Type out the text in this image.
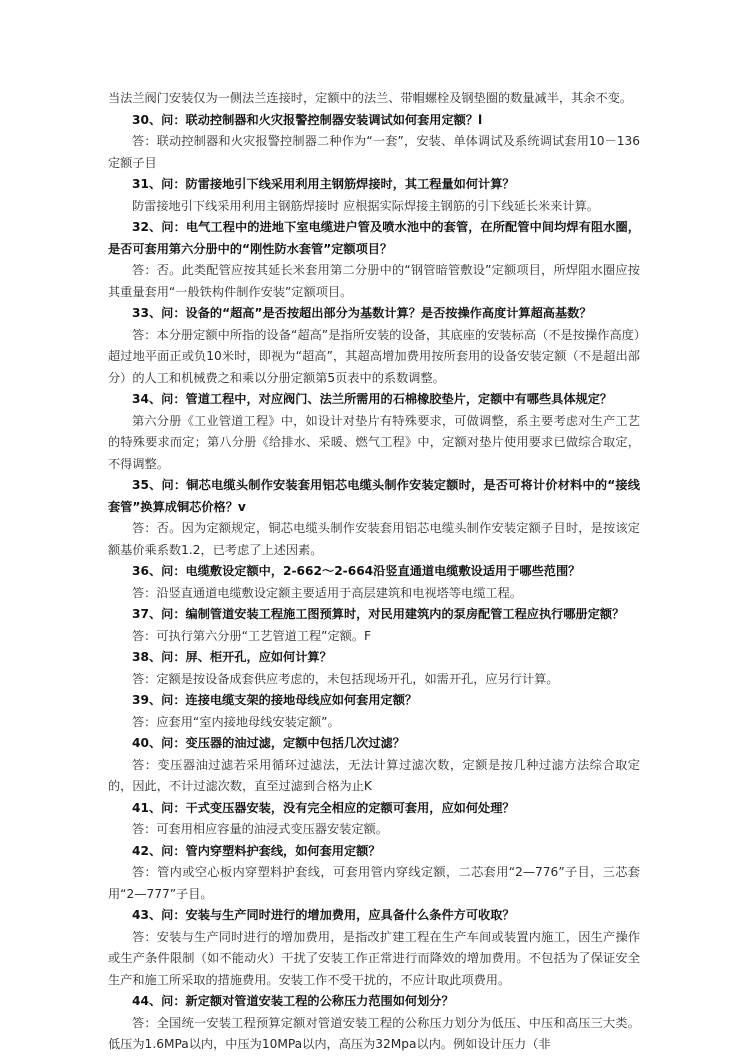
当法兰阀门安装仅为一侧法兰连接时，定额中的法兰、带帽螺栓及钢垫圈的数量减半，其余不变。

30、问：联动控制器和火灾报警控制器安装调试如何套用定额？l

答：联动控制器和火灾报警控制器二种作为“一套”，安装、单体调试及系统调试套用10－136定额子目

31、问：防雷接地引下线采用利用主钢筋焊接时，其工程量如何计算？

防雷接地引下线采用利用主钢筋焊接时 应根据实际焊接主钢筋的引下线延长米来计算。

32、问：电气工程中的进地下室电缆进户管及喷水池中的套管，在所配管中间均焊有阻水圈，是否可套用第六分册中的“刚性防水套管”定额项目？

答：否。此类配管应按其延长米套用第二分册中的“钢管暗管敷设”定额项目，所焊阻水圈应按其重量套用“一般铁构件制作安装”定额项目。

33、问：设备的“超高”是否按超出部分为基数计算？是否按操作高度计算超高基数？

答：本分册定额中所指的设备“超高”是指所安装的设备，其底座的安装标高（不是按操作高度）超过地平面正或负10米时，即视为“超高”，其超高增加费用按所套用的设备安装定额（不是超出部分）的人工和机械费之和乘以分册定额第5页表中的系数调整。

34、问：管道工程中，对应阀门、法兰所需用的石棉橡胶垫片，定额中有哪些具体规定？

第六分册《工业管道工程》中，如设计对垫片有特殊要求，可做调整，系主要考虑对生产工艺的特殊要求而定；第八分册《给排水、采暖、燃气工程》中，定额对垫片使用要求已做综合取定，不得调整。

35、问：铜芯电缆头制作安装套用铝芯电缆头制作安装定额时，是否可将计价材料中的“接线套管”换算成铜芯价格？v

答：否。因为定额规定，铜芯电缆头制作安装套用铝芯电缆头制作安装定额子目时，是按该定额基价乘系数1.2，已考虑了上述因素。

36、问：电缆敷设定额中，2-662～2-664沿竖直通道电缆敷设适用于哪些范围？

答：沿竖直通道电缆敷设定额主要适用于高层建筑和电视塔等电缆工程。

37、问：编制管道安装工程施工图预算时，对民用建筑内的泵房配管工程应执行哪册定额？

答：可执行第六分册“工艺管道工程”定额。F

38、问：屏、柜开孔，应如何计算？

答：定额是按设备成套供应考虑的，未包括现场开孔，如需开孔，应另行计算。

39、问：连接电缆支架的接地母线应如何套用定额？

答：应套用“室内接地母线安装定额”。

40、问：变压器的油过滤，定额中包括几次过滤？

答：变压器油过滤若采用循环过滤法，无法计算过滤次数，定额是按几种过滤方法综合取定的，因此，不计过滤次数，直至过滤到合格为止K

41、问：干式变压器安装，没有完全相应的定额可套用，应如何处理？

答：可套用相应容量的油浸式变压器安装定额。

42、问：管内穿塑料护套线，如何套用定额？

答：管内或空心板内穿塑料护套线，可套用管内穿线定额，二芯套用“2—776”子目，三芯套用“2—777”子目。

43、问：安装与生产同时进行的增加费用，应具备什么条件方可收取？

答：安装与生产同时进行的增加费用，是指改扩建工程在生产车间或装置内施工，因生产操作或生产条件限制（如不能动火）干扰了安装工作正常进行而降效的增加费用。不包括为了保证安全生产和施工所采取的措施费用。安装工作不受干扰的，不应计取此项费用。

44、问：新定额对管道安装工程的公称压力范围如何划分？

答：全国统一安装工程预算定额对管道安装工程的公称压力划分为低压、中压和高压三大类。低压为1.6MPa以内，中压为10MPa以内，高压为32Mpa以内。例如设计压力（非
